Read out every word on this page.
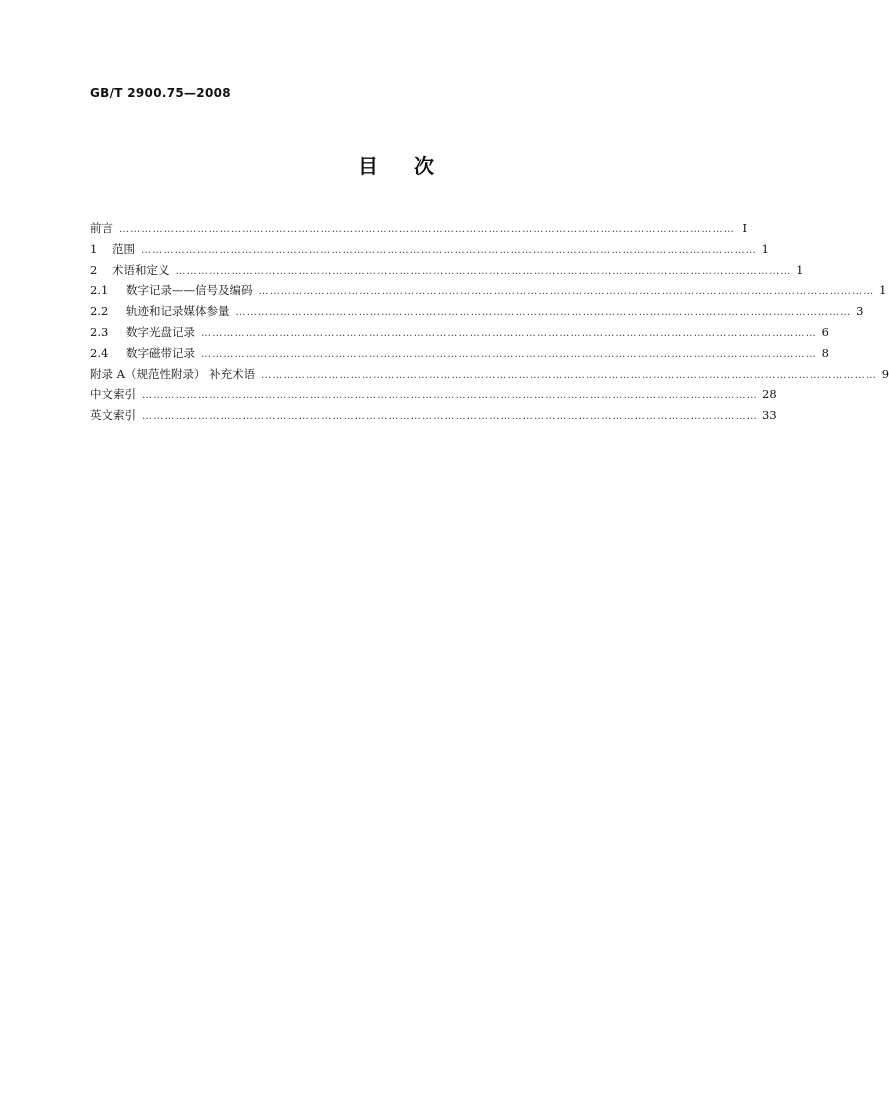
GB/T 2900.75—2008
目次
前言 ………………………………………………………………………………………………………………………………………………… Ⅰ
1 范围 ………………………………………………………………………………………………………………………………………………… 1
2 术语和定义 ………………………………………………………………………………………………………………………………………………… 1
2.1 数字记录——信号及编码 ………………………………………………………………………………………………………………………………………………… 1
2.2 轨迹和记录媒体参量 ………………………………………………………………………………………………………………………………………………… 3
2.3 数字光盘记录 ………………………………………………………………………………………………………………………………………………… 6
2.4 数字磁带记录 ………………………………………………………………………………………………………………………………………………… 8
附录 A（规范性附录） 补充术语 ………………………………………………………………………………………………………………………………………………… 9
中文索引 ………………………………………………………………………………………………………………………………………………… 28
英文索引 ………………………………………………………………………………………………………………………………………………… 33
